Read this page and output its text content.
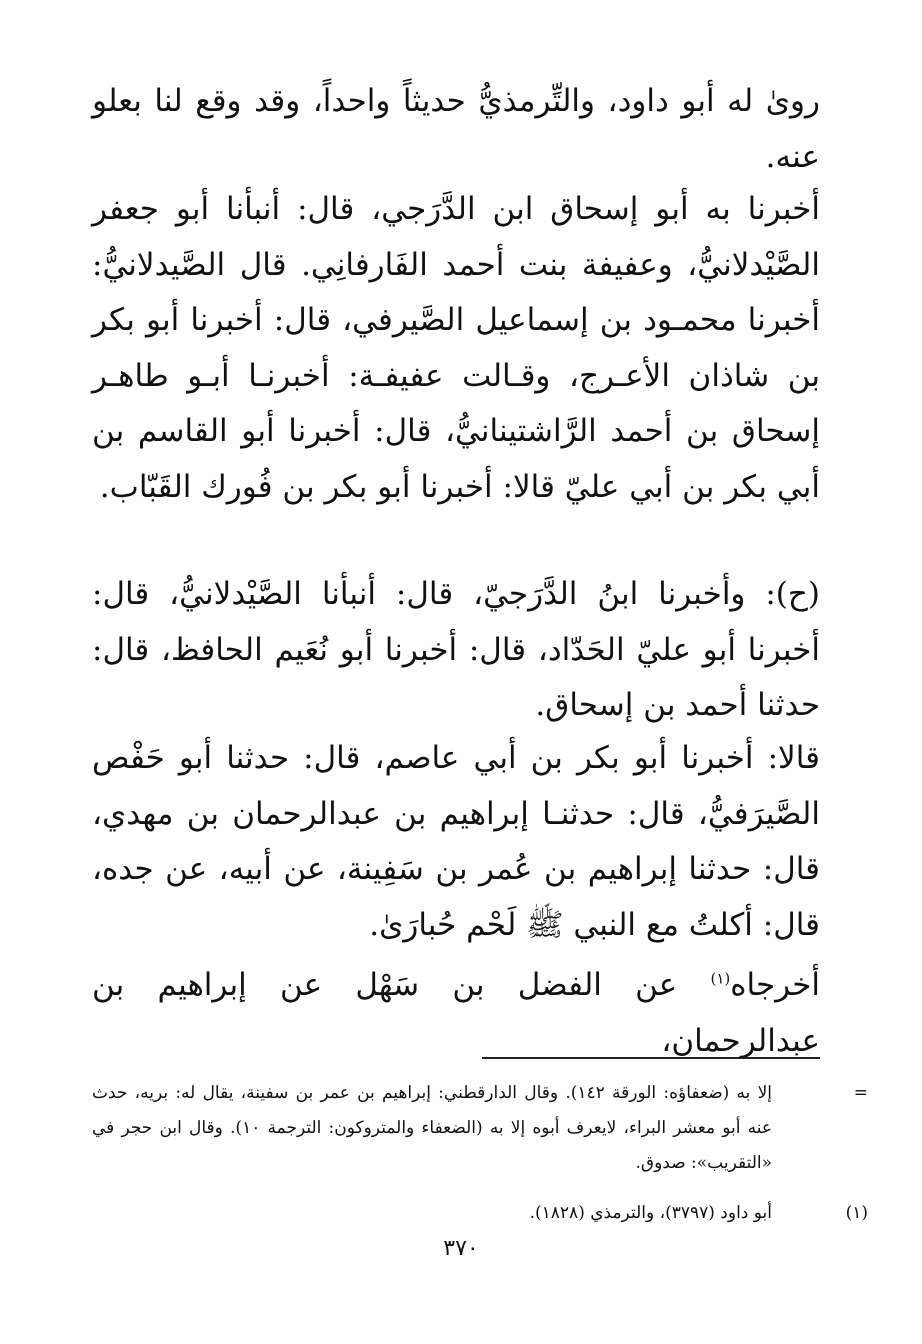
روىٰ له أبو داود، والتِّرمذيُّ حديثاً واحداً، وقد وقع لنا بعلو عنه.

أخبرنا به أبو إسحاق ابن الدَّرَجي، قال: أنبأنا أبو جعفر الصَّيْدلانيُّ، وعفيفة بنت أحمد الفَارفانِي. قال الصَّيدلانيُّ: أخبرنا محمـود بن إسماعيل الصَّيرفي، قال: أخبرنا أبو بكر بن شاذان الأعـرج، وقـالت عفيفـة: أخبرنـا أبـو طاهـر إسحاق بن أحمد الرَّاشتينانيُّ، قال: أخبرنا أبو القاسم بن أبي بكر بن أبي عليّ قالا: أخبرنا أبو بكر بن فُورك القَبّاب.

(ح): وأخبرنا ابنُ الدَّرَجيّ، قال: أنبأنا الصَّيْدلانيُّ، قال: أخبرنا أبو عليّ الحَدّاد، قال: أخبرنا أبو نُعَيم الحافظ، قال: حدثنا أحمد بن إسحاق.

قالا: أخبرنا أبو بكر بن أبي عاصم، قال: حدثنا أبو حَفْص الصَّيرَفيُّ، قال: حدثنـا إبراهيم بن عبدالرحمان بن مهدي، قال: حدثنا إبراهيم بن عُمر بن سَفِينة، عن أبيه، عن جده، قال: أكلتُ مع النبي ﷺ لَحْم حُبارَىٰ.

أخرجاه$^{(١)}$ عن الفضل بن سَهْل عن إبراهيم بن عبدالرحمان،

=
إلا به (ضعفاؤه: الورقة ١٤٢). وقال الدارقطني: إبراهيم بن عمر بن سفينة، يقال له: بريه، حدث عنه أبو معشر البراء، لايعرف أبوه إلا به (الضعفاء والمتروكون: الترجمة ١٠). وقال ابن حجر في «التقريب»: صدوق.

(١)
أبو داود (٣٧٩٧)، والترمذي (١٨٢٨).

٣٧٠
